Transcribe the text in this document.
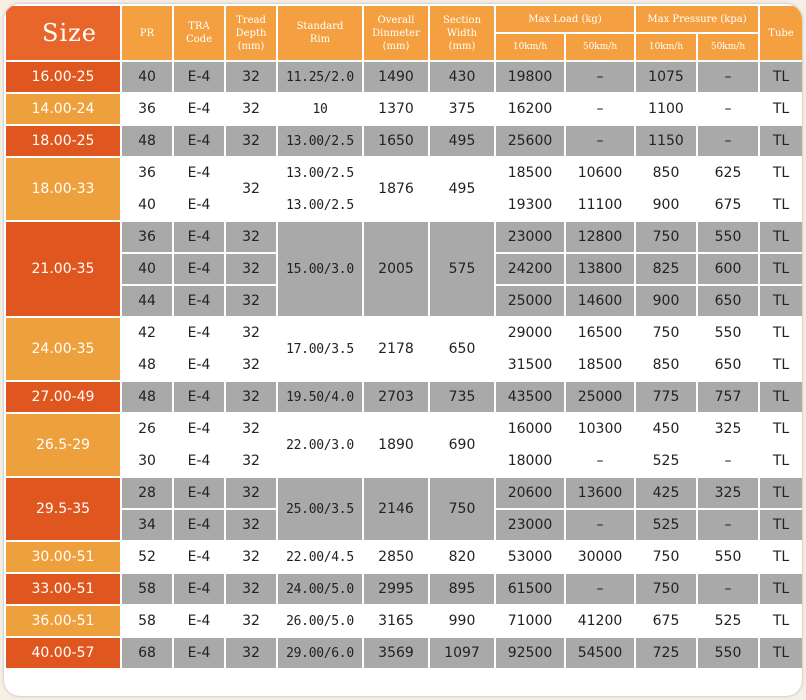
Size	PR	TRA Code	Tread Depth (mm)	Standard Rim	Overall Dinmeter (mm)	Section Width (mm)	Max Load (kg)		Max Pressure (kpa)		Tube
							10km/h	50km/h	10km/h	50km/h	
16.00-25	40	E-4	32	11.25/2.0	1490	430	19800	–	1075	–	TL
14.00-24	36	E-4	32	10	1370	375	16200	–	1100	–	TL
18.00-25	48	E-4	32	13.00/2.5	1650	495	25600	–	1150	–	TL
18.00-33	36	E-4	32	13.00/2.5	1876	495	18500	10600	850	625	TL
	40	E-4		13.00/2.5			19300	11100	900	675	TL
21.00-35	36	E-4	32	15.00/3.0	2005	575	23000	12800	750	550	TL
	40	E-4	32				24200	13800	825	600	TL
	44	E-4	32				25000	14600	900	650	TL
24.00-35	42	E-4	32	17.00/3.5	2178	650	29000	16500	750	550	TL
	48	E-4	32				31500	18500	850	650	TL
27.00-49	48	E-4	32	19.50/4.0	2703	735	43500	25000	775	757	TL
26.5-29	26	E-4	32	22.00/3.0	1890	690	16000	10300	450	325	TL
	30	E-4	32				18000	–	525	–	TL
29.5-35	28	E-4	32	25.00/3.5	2146	750	20600	13600	425	325	TL
	34	E-4	32				23000	–	525	–	TL
30.00-51	52	E-4	32	22.00/4.5	2850	820	53000	30000	750	550	TL
33.00-51	58	E-4	32	24.00/5.0	2995	895	61500	–	750	–	TL
36.00-51	58	E-4	32	26.00/5.0	3165	990	71000	41200	675	525	TL
40.00-57	68	E-4	32	29.00/6.0	3569	1097	92500	54500	725	550	TL
